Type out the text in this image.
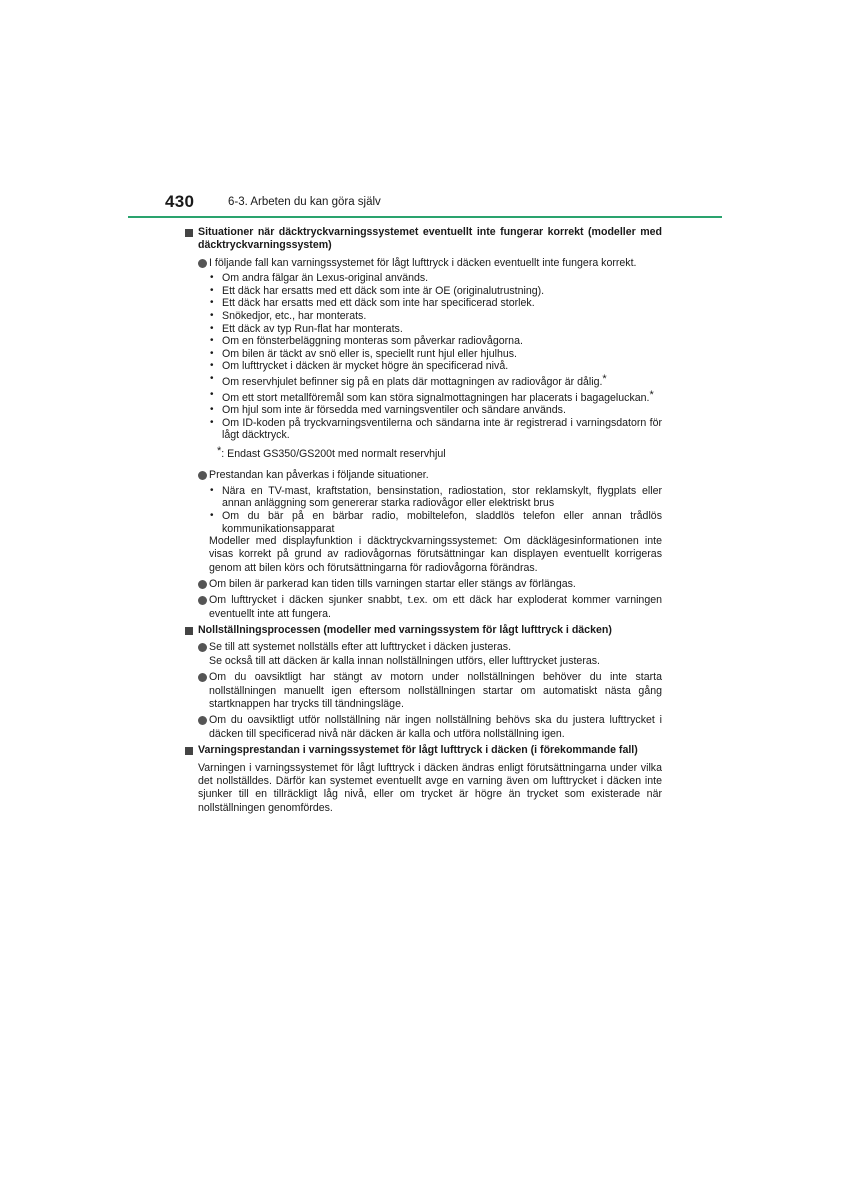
430	6-3. Arbeten du kan göra själv
Situationer när däcktryckvarningssystemet eventuellt inte fungerar korrekt (modeller med däcktryckvarningssystem)
I följande fall kan varningssystemet för lågt lufttryck i däcken eventuellt inte fungera korrekt.
• Om andra fälgar än Lexus-original används.
• Ett däck har ersatts med ett däck som inte är OE (originalutrustning).
• Ett däck har ersatts med ett däck som inte har specificerad storlek.
• Snökedjor, etc., har monterats.
• Ett däck av typ Run-flat har monterats.
• Om en fönsterbeläggning monteras som påverkar radiovågorna.
• Om bilen är täckt av snö eller is, speciellt runt hjul eller hjulhus.
• Om lufttrycket i däcken är mycket högre än specificerad nivå.
• Om reservhjulet befinner sig på en plats där mottagningen av radiovågor är dålig.*
• Om ett stort metallföremål som kan störa signalmottagningen har placerats i bagageluckan.*
• Om hjul som inte är försedda med varningsventiler och sändare används.
• Om ID-koden på tryckvarningsventilerna och sändarna inte är registrerad i varningsdatorn för lågt däcktryck.
*: Endast GS350/GS200t med normalt reservhjul
Prestandan kan påverkas i följande situationer.
• Nära en TV-mast, kraftstation, bensinstation, radiostation, stor reklamskylt, flygplats eller annan anläggning som genererar starka radiovågor eller elektriskt brus
• Om du bär på en bärbar radio, mobiltelefon, sladdlös telefon eller annan trådlös kommunikationsapparat
Modeller med displayfunktion i däcktryckvarningssystemet: Om däcklägesinformationen inte visas korrekt på grund av radiovågornas förutsättningar kan displayen eventuellt korrigeras genom att bilen körs och förutsättningarna för radiovågorna förändras.
Om bilen är parkerad kan tiden tills varningen startar eller stängs av förlängas.
Om lufttrycket i däcken sjunker snabbt, t.ex. om ett däck har exploderat kommer varningen eventuellt inte att fungera.
Nollställningsprocessen (modeller med varningssystem för lågt lufttryck i däcken)
Se till att systemet nollställs efter att lufttrycket i däcken justeras.
Se också till att däcken är kalla innan nollställningen utförs, eller lufttrycket justeras.
Om du oavsiktligt har stängt av motorn under nollställningen behöver du inte starta nollställningen manuellt igen eftersom nollställningen startar om automatiskt nästa gång startknappen har trycks till tändningsläge.
Om du oavsiktligt utför nollställning när ingen nollställning behövs ska du justera lufttrycket i däcken till specificerad nivå när däcken är kalla och utföra nollställning igen.
Varningsprestandan i varningssystemet för lågt lufttryck i däcken (i förekommande fall)
Varningen i varningssystemet för lågt lufttryck i däcken ändras enligt förutsättningarna under vilka det nollställdes. Därför kan systemet eventuellt avge en varning även om lufttrycket i däcken inte sjunker till en tillräckligt låg nivå, eller om trycket är högre än trycket som existerade när nollställningen genomfördes.
